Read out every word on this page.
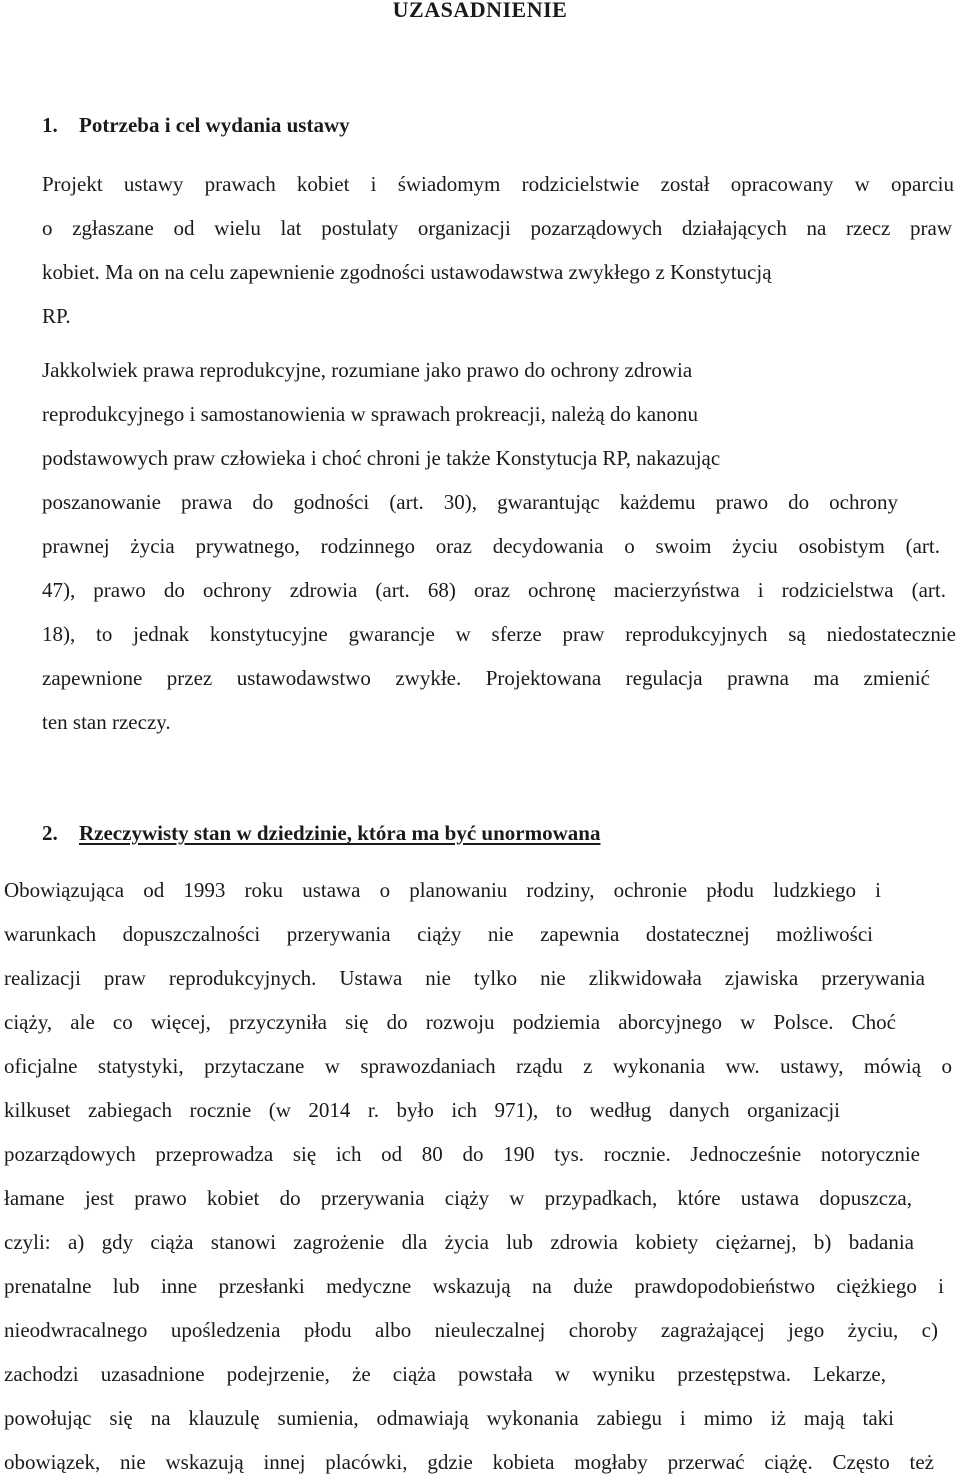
UZASADNIENIE
1. Potrzeba i cel wydania ustawy
Projekt ustawy prawach kobiet i świadomym rodzicielstwie został opracowany w oparciu
o zgłaszane od wielu lat postulaty organizacji pozarządowych działających na rzecz praw
kobiet. Ma on na celu zapewnienie zgodności ustawodawstwa zwykłego z Konstytucją
RP.
Jakkolwiek prawa reprodukcyjne, rozumiane jako prawo do ochrony zdrowia
reprodukcyjnego i samostanowienia w sprawach prokreacji, należą do kanonu
podstawowych praw człowieka i choć chroni je także Konstytucja RP, nakazując
poszanowanie prawa do godności (art. 30), gwarantując każdemu prawo do ochrony
prawnej życia prywatnego, rodzinnego oraz decydowania o swoim życiu osobistym (art.
47), prawo do ochrony zdrowia (art. 68) oraz ochronę macierzyństwa i rodzicielstwa (art.
18), to jednak konstytucyjne gwarancje w sferze praw reprodukcyjnych są niedostatecznie
zapewnione przez ustawodawstwo zwykłe. Projektowana regulacja prawna ma zmienić
ten stan rzeczy.
2. Rzeczywisty stan w dziedzinie, która ma być unormowana
Obowiązująca od 1993 roku ustawa o planowaniu rodziny, ochronie płodu ludzkiego i
warunkach dopuszczalności przerywania ciąży nie zapewnia dostatecznej możliwości
realizacji praw reprodukcyjnych. Ustawa nie tylko nie zlikwidowała zjawiska przerywania
ciąży, ale co więcej, przyczyniła się do rozwoju podziemia aborcyjnego w Polsce. Choć
oficjalne statystyki, przytaczane w sprawozdaniach rządu z wykonania ww. ustawy, mówią o
kilkuset zabiegach rocznie (w 2014 r. było ich 971), to według danych organizacji
pozarządowych przeprowadza się ich od 80 do 190 tys. rocznie. Jednocześnie notorycznie
łamane jest prawo kobiet do przerywania ciąży w przypadkach, które ustawa dopuszcza,
czyli: a) gdy ciąża stanowi zagrożenie dla życia lub zdrowia kobiety ciężarnej, b) badania
prenatalne lub inne przesłanki medyczne wskazują na duże prawdopodobieństwo ciężkiego i
nieodwracalnego upośledzenia płodu albo nieuleczalnej choroby zagrażającej jego życiu, c)
zachodzi uzasadnione podejrzenie, że ciąża powstała w wyniku przestępstwa. Lekarze,
powołując się na klauzulę sumienia, odmawiają wykonania zabiegu i mimo iż mają taki
obowiązek, nie wskazują innej placówki, gdzie kobieta mogłaby przerwać ciążę. Często też
